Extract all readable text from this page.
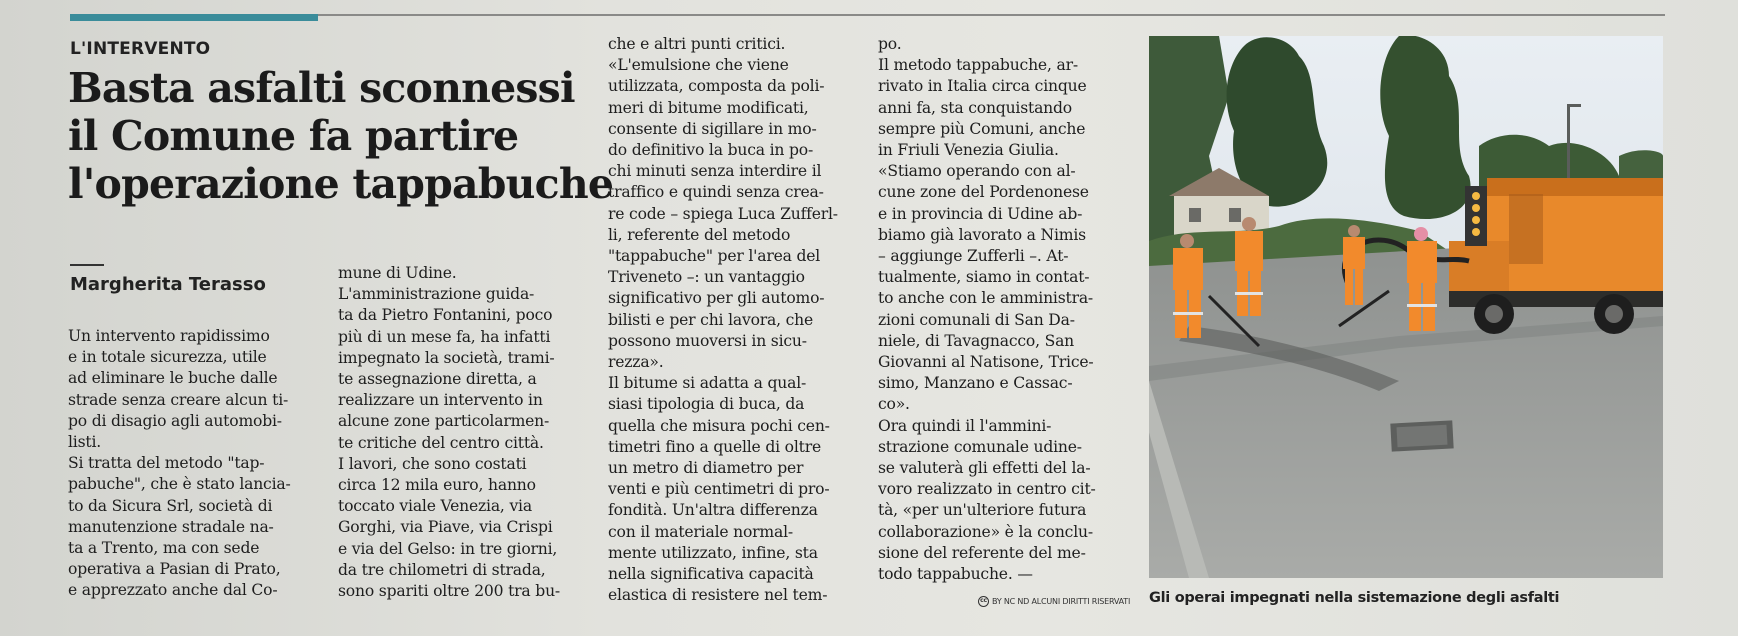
L'INTERVENTO
Basta asfalti sconnessi
il Comune fa partire
l'operazione tappabuche
Margherita Terasso
Un intervento rapidissimo
e in totale sicurezza, utile
ad eliminare le buche dalle
strade senza creare alcun ti-
po di disagio agli automobi-
listi.
Si tratta del metodo "tap-
pabuche", che è stato lancia-
to da Sicura Srl, società di
manutenzione stradale na-
ta a Trento, ma con sede
operativa a Pasian di Prato,
e apprezzato anche dal Co-
mune di Udine.
L'amministrazione guida-
ta da Pietro Fontanini, poco
più di un mese fa, ha infatti
impegnato la società, trami-
te assegnazione diretta, a
realizzare un intervento in
alcune zone particolarmen-
te critiche del centro città.
I lavori, che sono costati
circa 12 mila euro, hanno
toccato viale Venezia, via
Gorghi, via Piave, via Crispi
e via del Gelso: in tre giorni,
da tre chilometri di strada,
sono spariti oltre 200 tra bu-
che e altri punti critici.
«L'emulsione che viene
utilizzata, composta da poli-
meri di bitume modificati,
consente di sigillare in mo-
do definitivo la buca in po-
chi minuti senza interdire il
traffico e quindi senza crea-
re code – spiega Luca Zufferl-
li, referente del metodo
"tappabuche" per l'area del
Triveneto –: un vantaggio
significativo per gli automo-
bilisti e per chi lavora, che
possono muoversi in sicu-
rezza».
Il bitume si adatta a qual-
siasi tipologia di buca, da
quella che misura pochi cen-
timetri fino a quelle di oltre
un metro di diametro per
venti e più centimetri di pro-
fondità. Un'altra differenza
con il materiale normal-
mente utilizzato, infine, sta
nella significativa capacità
elastica di resistere nel tem-
po.
Il metodo tappabuche, ar-
rivato in Italia circa cinque
anni fa, sta conquistando
sempre più Comuni, anche
in Friuli Venezia Giulia.
«Stiamo operando con al-
cune zone del Pordenonese
e in provincia di Udine ab-
biamo già lavorato a Nimis
– aggiunge Zufferli –. At-
tualmente, siamo in contat-
to anche con le amministra-
zioni comunali di San Da-
niele, di Tavagnacco, San
Giovanni al Natisone, Trice-
simo, Manzano e Cassac-
co».
Ora quindi il l'ammini-
strazione comunale udine-
se valuterà gli effetti del la-
voro realizzato in centro cit-
tà, «per un'ulteriore futura
collaborazione» è la conclu-
sione del referente del me-
todo tappabuche. —
cc BY NC ND ALCUNI DIRITTI RISERVATI Gli operai impegnati nella sistemazione degli asfalti
